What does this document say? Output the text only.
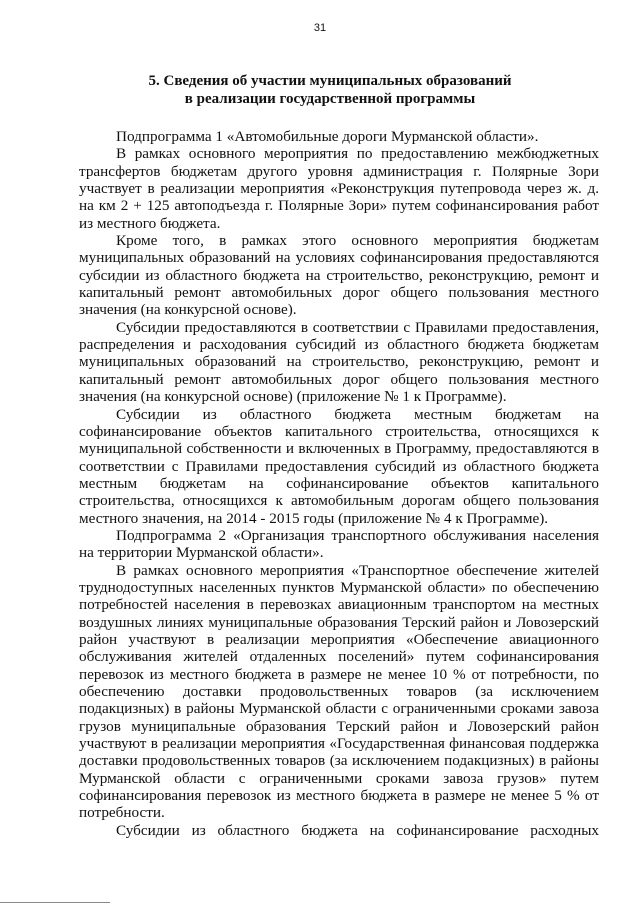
31
5. Сведения об участии муниципальных образований
в реализации государственной программы

Подпрограмма 1 «Автомобильные дороги Мурманской области».

В рамках основного мероприятия по предоставлению межбюджетных трансфертов бюджетам другого уровня администрация г. Полярные Зори участвует в реализации мероприятия «Реконструкция путепровода через ж. д. на км 2 + 125 автоподъезда г. Полярные Зори» путем софинансирования работ из местного бюджета.

Кроме того, в рамках этого основного мероприятия бюджетам муниципальных образований на условиях софинансирования предоставляются субсидии из областного бюджета на строительство, реконструкцию, ремонт и капитальный ремонт автомобильных дорог общего пользования местного значения (на конкурсной основе).

Субсидии предоставляются в соответствии с Правилами предоставления, распределения и расходования субсидий из областного бюджета бюджетам муниципальных образований на строительство, реконструкцию, ремонт и капитальный ремонт автомобильных дорог общего пользования местного значения (на конкурсной основе) (приложение № 1 к Программе).

Субсидии из областного бюджета местным бюджетам на софинансирование объектов капитального строительства, относящихся к муниципальной собственности и включенных в Программу, предоставляются в соответствии с Правилами предоставления субсидий из областного бюджета местным бюджетам на софинансирование объектов капитального строительства, относящихся к автомобильным дорогам общего пользования местного значения, на 2014 - 2015 годы (приложение № 4 к Программе).

Подпрограмма 2 «Организация транспортного обслуживания населения на территории Мурманской области».

В рамках основного мероприятия «Транспортное обеспечение жителей труднодоступных населенных пунктов Мурманской области» по обеспечению потребностей населения в перевозках авиационным транспортом на местных воздушных линиях муниципальные образования Терский район и Ловозерский район участвуют в реализации мероприятия «Обеспечение авиационного обслуживания жителей отдаленных поселений» путем софинансирования перевозок из местного бюджета в размере не менее 10 % от потребности, по обеспечению доставки продовольственных товаров (за исключением подакцизных) в районы Мурманской области с ограниченными сроками завоза грузов муниципальные образования Терский район и Ловозерский район участвуют в реализации мероприятия «Государственная финансовая поддержка доставки продовольственных товаров (за исключением подакцизных) в районы Мурманской области с ограниченными сроками завоза грузов» путем софинансирования перевозок из местного бюджета в размере не менее 5 % от потребности.

Субсидии из областного бюджета на софинансирование расходных
